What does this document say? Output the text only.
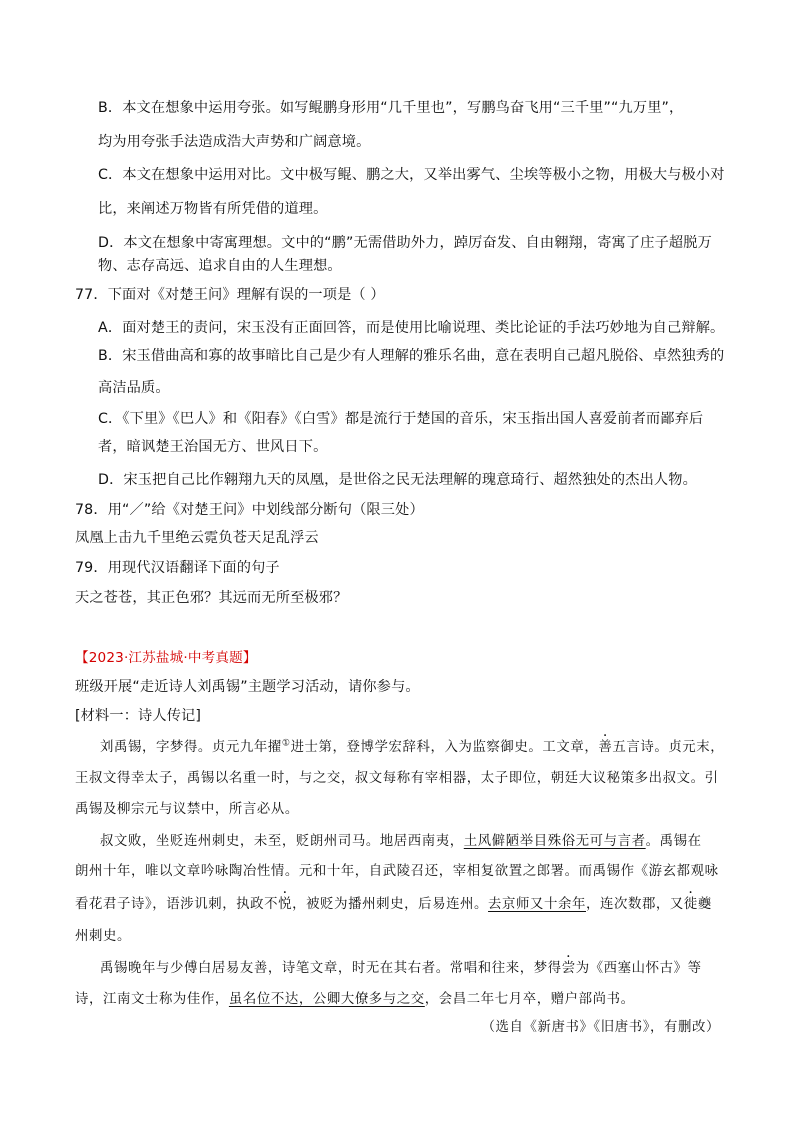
B．本文在想象中运用夸张。如写鲲鹏身形用“几千里也”，写鹏鸟奋飞用“三千里”“九万里”，
均为用夸张手法造成浩大声势和广阔意境。
C．本文在想象中运用对比。文中极写鲲、鹏之大，又举出雾气、尘埃等极小之物，用极大与极小对
比，来阐述万物皆有所凭借的道理。
D．本文在想象中寄寓理想。文中的“鹏”无需借助外力，踔厉奋发、自由翱翔，寄寓了庄子超脱万
物、志存高远、追求自由的人生理想。
77．下面对《对楚王问》理解有误的一项是（ ）
A．面对楚王的责问，宋玉没有正面回答，而是使用比喻说理、类比论证的手法巧妙地为自己辩解。
B．宋玉借曲高和寡的故事暗比自己是少有人理解的雅乐名曲，意在表明自己超凡脱俗、卓然独秀的
高洁品质。
C．《下里》《巴人》和《阳春》《白雪》都是流行于楚国的音乐，宋玉指出国人喜爱前者而鄙弃后
者，暗讽楚王治国无方、世风日下。
D．宋玉把自己比作翱翔九天的凤凰，是世俗之民无法理解的瑰意琦行、超然独处的杰出人物。
78．用“／”给《对楚王问》中划线部分断句（限三处）
凤凰上击九千里绝云霓负苍天足乱浮云
79．用现代汉语翻译下面的句子
天之苍苍，其正色邪？其远而无所至极邪？
【2023·江苏盐城·中考真题】
班级开展“走近诗人刘禹锡”主题学习活动，请你参与。
[材料一：诗人传记]
刘禹锡，字梦得。贞元九年擢①进士第，登博学宏辞科，入为监察御史。工文章，善五言诗。贞元末，
王叔文得幸太子，禹锡以名重一时，与之交，叔文每称有宰相器，太子即位，朝廷大议秘策多出叔文。引
禹锡及柳宗元与议禁中，所言必从。
叔文败，坐贬连州刺史，未至，贬朗州司马。地居西南夷，土风僻陋举目殊俗无可与言者。禹锡在
朗州十年，唯以文章吟咏陶冶性情。元和十年，自武陵召还，宰相复欲置之郎署。而禹锡作《游玄都观咏
看花君子诗》，语涉讥刺，执政不悦，被贬为播州刺史，后易连州。去京师又十余年，连次数郡，又徙夔
州刺史。
禹锡晚年与少傅白居易友善，诗笔文章，时无在其右者。常唱和往来，梦得尝为《西塞山怀古》等
诗，江南文士称为佳作，虽名位不达，公卿大僚多与之交，会昌二年七月卒，赠户部尚书。
（选自《新唐书》《旧唐书》，有删改）
